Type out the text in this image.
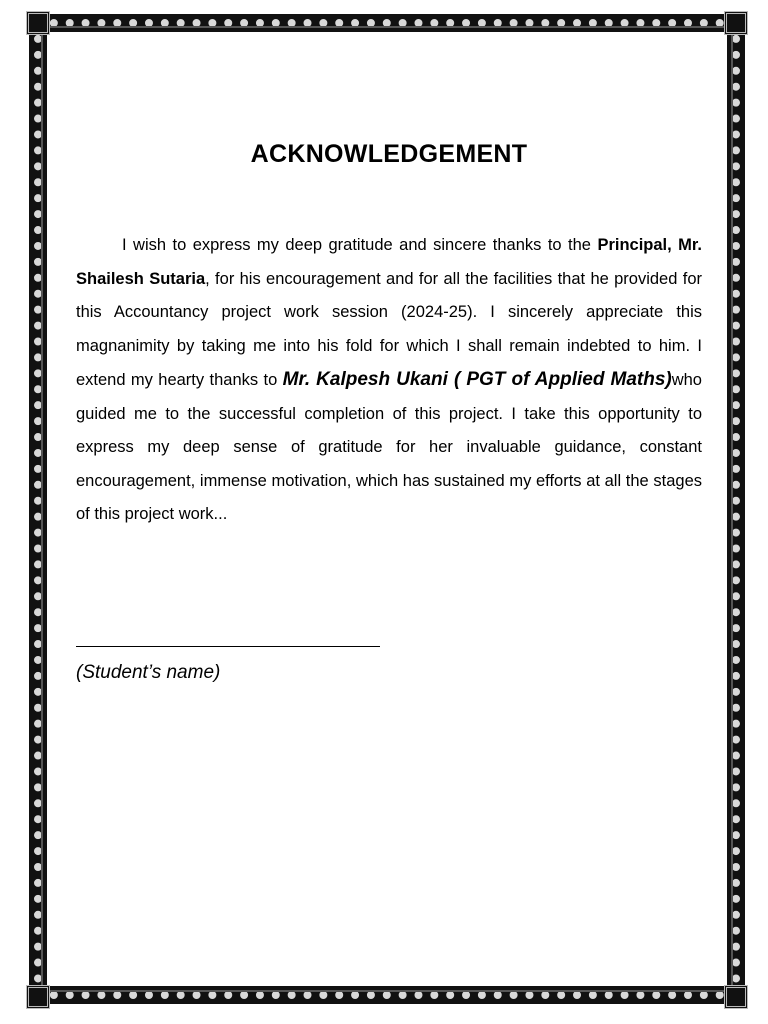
ACKNOWLEDGEMENT

I wish to express my deep gratitude and sincere thanks to the Principal, Mr. Shailesh Sutaria, for his encouragement and for all the facilities that he provided for this Accountancy project work session (2024-25). I sincerely appreciate this magnanimity by taking me into his fold for which I shall remain indebted to him. I extend my hearty thanks to Mr. Kalpesh Ukani ( PGT of Applied Maths)who guided me to the successful completion of this project. I take this opportunity to express my deep sense of gratitude for her invaluable guidance, constant encouragement, immense motivation, which has sustained my efforts at all the stages of this project work...

(Student’s name)
